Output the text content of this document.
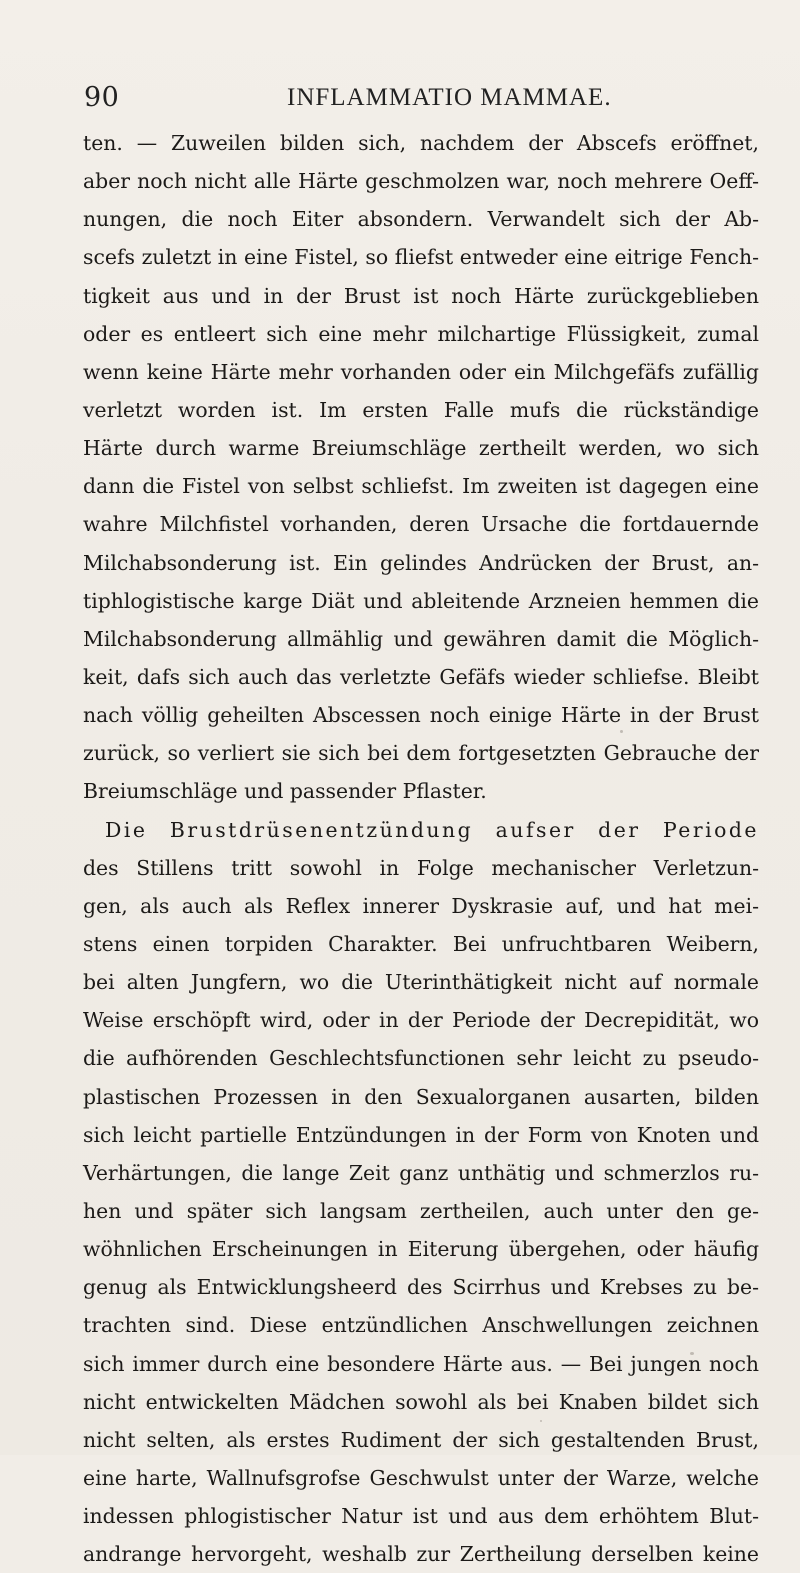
90	INFLAMMATIO MAMMAE.
ten. — Zuweilen bilden sich, nachdem der Abscefs eröffnet,
aber noch nicht alle Härte geschmolzen war, noch mehrere Oeff-
nungen, die noch Eiter absondern. Verwandelt sich der Ab-
scefs zuletzt in eine Fistel, so fliefst entweder eine eitrige Fench-
tigkeit aus und in der Brust ist noch Härte zurückgeblieben
oder es entleert sich eine mehr milchartige Flüssigkeit, zumal
wenn keine Härte mehr vorhanden oder ein Milchgefäfs zufällig
verletzt worden ist. Im ersten Falle mufs die rückständige
Härte durch warme Breiumschläge zertheilt werden, wo sich
dann die Fistel von selbst schliefst. Im zweiten ist dagegen eine
wahre Milchfistel vorhanden, deren Ursache die fortdauernde
Milchabsonderung ist. Ein gelindes Andrücken der Brust, an-
tiphlogistische karge Diät und ableitende Arzneien hemmen die
Milchabsonderung allmählig und gewähren damit die Möglich-
keit, dafs sich auch das verletzte Gefäfs wieder schliefse. Bleibt
nach völlig geheilten Abscessen noch einige Härte in der Brust
zurück, so verliert sie sich bei dem fortgesetzten Gebrauche der
Breiumschläge und passender Pflaster.
Die Brustdrüsenentzündung aufser der Periode
des Stillens tritt sowohl in Folge mechanischer Verletzun-
gen, als auch als Reflex innerer Dyskrasie auf, und hat mei-
stens einen torpiden Charakter. Bei unfruchtbaren Weibern,
bei alten Jungfern, wo die Uterinthätigkeit nicht auf normale
Weise erschöpft wird, oder in der Periode der Decrepidität, wo
die aufhörenden Geschlechtsfunctionen sehr leicht zu pseudo-
plastischen Prozessen in den Sexualorganen ausarten, bilden
sich leicht partielle Entzündungen in der Form von Knoten und
Verhärtungen, die lange Zeit ganz unthätig und schmerzlos ru-
hen und später sich langsam zertheilen, auch unter den ge-
wöhnlichen Erscheinungen in Eiterung übergehen, oder häufig
genug als Entwicklungsheerd des Scirrhus und Krebses zu be-
trachten sind. Diese entzündlichen Anschwellungen zeichnen
sich immer durch eine besondere Härte aus. — Bei jungen noch
nicht entwickelten Mädchen sowohl als bei Knaben bildet sich
nicht selten, als erstes Rudiment der sich gestaltenden Brust,
eine harte, Wallnufsgrofse Geschwulst unter der Warze, welche
indessen phlogistischer Natur ist und aus dem erhöhtem Blut-
andrange hervorgeht, weshalb zur Zertheilung derselben keine
